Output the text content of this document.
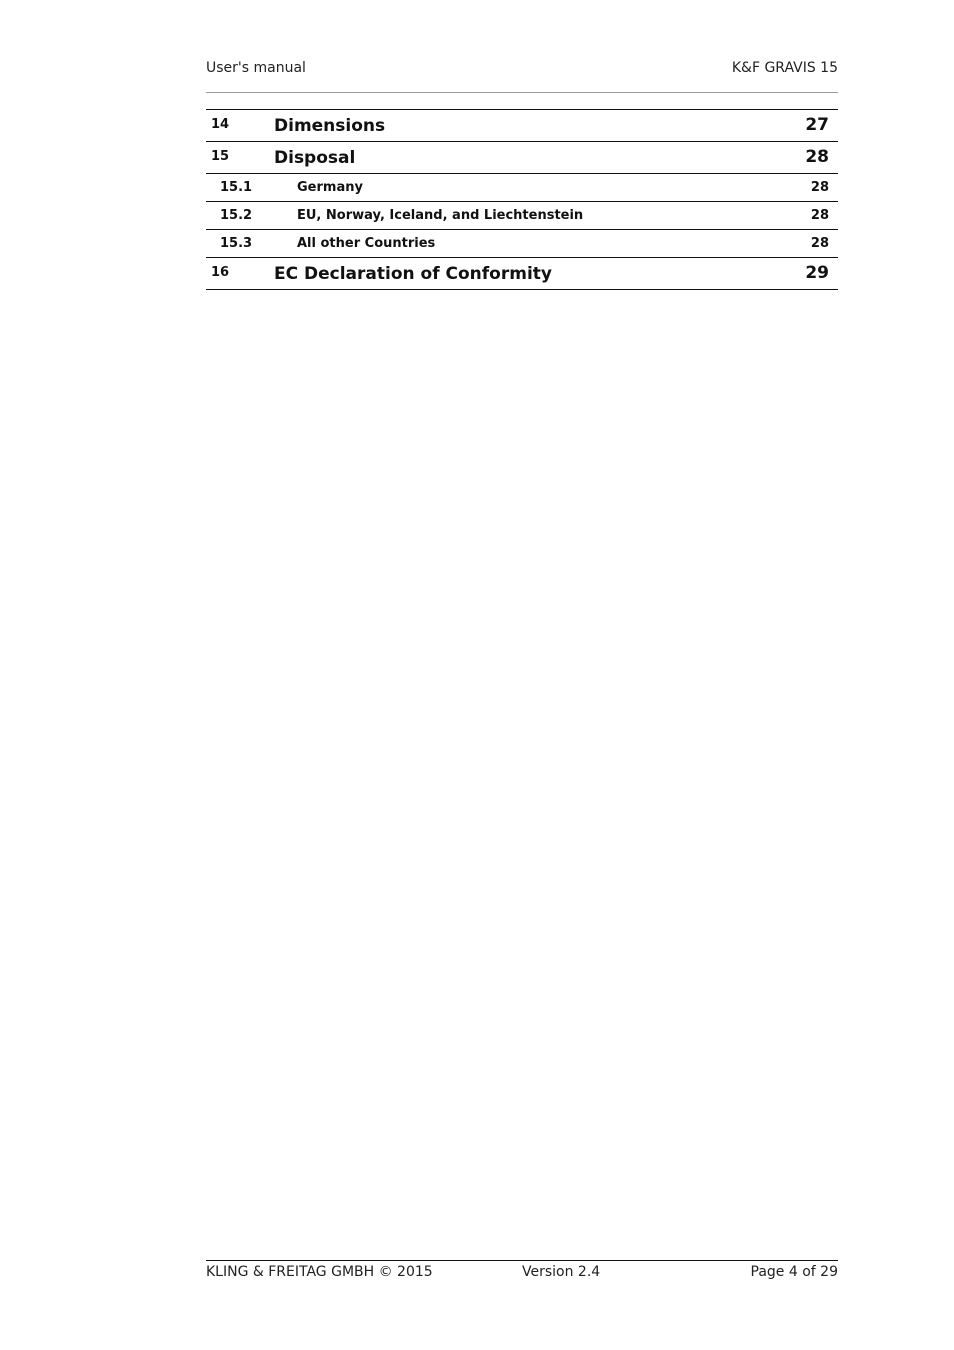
User's manual	K&F GRAVIS 15
14	Dimensions	27
15	Disposal	28
15.1	Germany	28
15.2	EU, Norway, Iceland, and Liechtenstein	28
15.3	All other Countries	28
16	EC Declaration of Conformity	29
KLING & FREITAG GMBH © 2015	Version 2.4	Page 4 of 29
